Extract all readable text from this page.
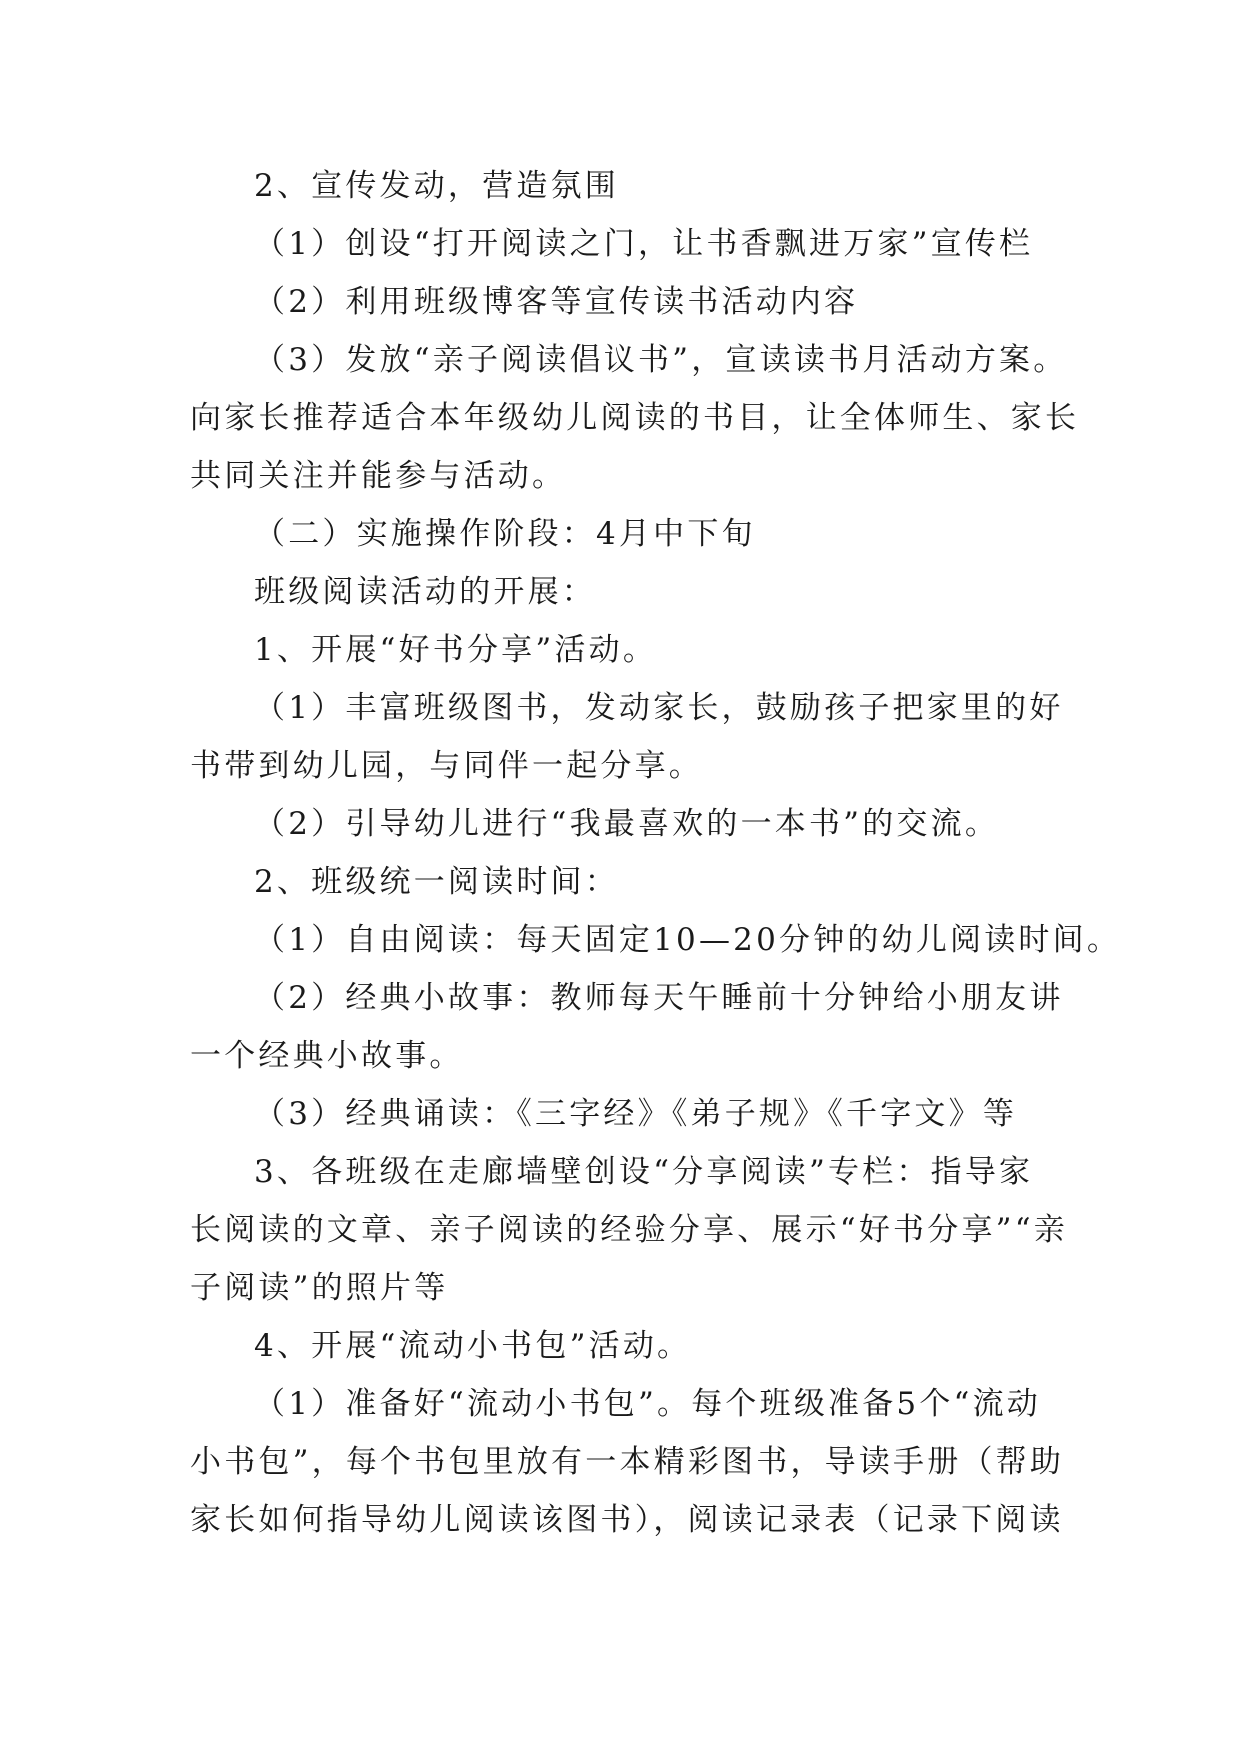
2、宣传发动，营造氛围
（1）创设“打开阅读之门，让书香飘进万家”宣传栏
（2）利用班级博客等宣传读书活动内容
（3）发放“亲子阅读倡议书”，宣读读书月活动方案。
向家长推荐适合本年级幼儿阅读的书目，让全体师生、家长
共同关注并能参与活动。
（二）实施操作阶段：4月中下旬
班级阅读活动的开展：
1、开展“好书分享”活动。
（1）丰富班级图书，发动家长，鼓励孩子把家里的好
书带到幼儿园，与同伴一起分享。
（2）引导幼儿进行“我最喜欢的一本书”的交流。
2、班级统一阅读时间：
（1）自由阅读：每天固定10—20分钟的幼儿阅读时间。
（2）经典小故事：教师每天午睡前十分钟给小朋友讲
一个经典小故事。
（3）经典诵读：《三字经》《弟子规》《千字文》等
3、各班级在走廊墙壁创设“分享阅读”专栏：指导家
长阅读的文章、亲子阅读的经验分享、展示“好书分享”“亲
子阅读”的照片等
4、开展“流动小书包”活动。
（1）准备好“流动小书包”。每个班级准备5个“流动
小书包”，每个书包里放有一本精彩图书，导读手册（帮助
家长如何指导幼儿阅读该图书），阅读记录表（记录下阅读
